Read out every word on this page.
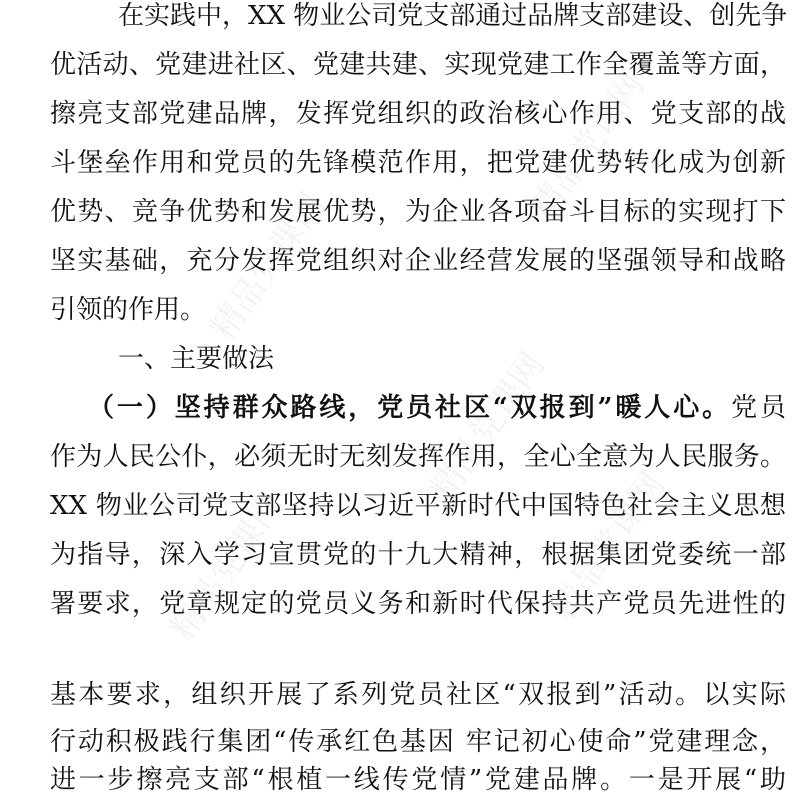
精品党课网
精品党课网
精品党课网
精品党课网	精品党课网
在实践中，XX 物业公司党支部通过品牌支部建设、创先争
优活动、党建进社区、党建共建、实现党建工作全覆盖等方面，
擦亮支部党建品牌，发挥党组织的政治核心作用、党支部的战
斗堡垒作用和党员的先锋模范作用，把党建优势转化成为创新
优势、竞争优势和发展优势，为企业各项奋斗目标的实现打下
坚实基础，充分发挥党组织对企业经营发展的坚强领导和战略
引领的作用。
一、主要做法
（一）坚持群众路线，党员社区“双报到”暖人心。党员
作为人民公仆，必须无时无刻发挥作用，全心全意为人民服务。
XX 物业公司党支部坚持以习近平新时代中国特色社会主义思想
为指导，深入学习宣贯党的十九大精神，根据集团党委统一部
署要求，党章规定的党员义务和新时代保持共产党员先进性的
基本要求，组织开展了系列党员社区“双报到”活动。以实际
行动积极践行集团“传承红色基因 牢记初心使命”党建理念，
进一步擦亮支部“根植一线传党情”党建品牌。一是开展“助
